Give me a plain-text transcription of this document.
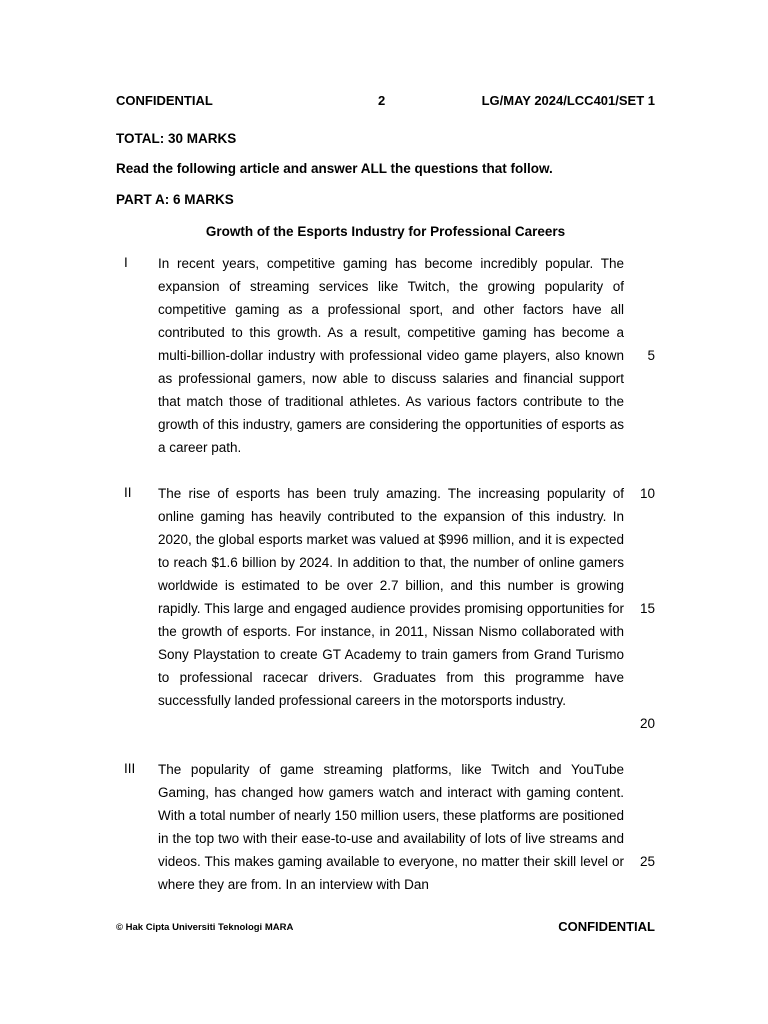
CONFIDENTIAL	2	LG/MAY 2024/LCC401/SET 1
TOTAL: 30 MARKS
Read the following article and answer ALL the questions that follow.
PART A: 6 MARKS
Growth of the Esports Industry for Professional Careers
I In recent years, competitive gaming has become incredibly popular. The expansion of streaming services like Twitch, the growing popularity of competitive gaming as a professional sport, and other factors have all contributed to this growth. As a result, competitive gaming has become a multi-billion-dollar industry with professional video game players, also known as professional gamers, now able to discuss salaries and financial support that match those of traditional athletes. As various factors contribute to the growth of this industry, gamers are considering the opportunities of esports as a career path.
5
II The rise of esports has been truly amazing. The increasing popularity of online gaming has heavily contributed to the expansion of this industry. In 2020, the global esports market was valued at $996 million, and it is expected to reach $1.6 billion by 2024. In addition to that, the number of online gamers worldwide is estimated to be over 2.7 billion, and this number is growing rapidly. This large and engaged audience provides promising opportunities for the growth of esports. For instance, in 2011, Nissan Nismo collaborated with Sony Playstation to create GT Academy to train gamers from Grand Turismo to professional racecar drivers. Graduates from this programme have successfully landed professional careers in the motorsports industry.
10
15
20
III The popularity of game streaming platforms, like Twitch and YouTube Gaming, has changed how gamers watch and interact with gaming content. With a total number of nearly 150 million users, these platforms are positioned in the top two with their ease-to-use and availability of lots of live streams and videos. This makes gaming available to everyone, no matter their skill level or where they are from. In an interview with Dan
25
© Hak Cipta Universiti Teknologi MARA	CONFIDENTIAL
